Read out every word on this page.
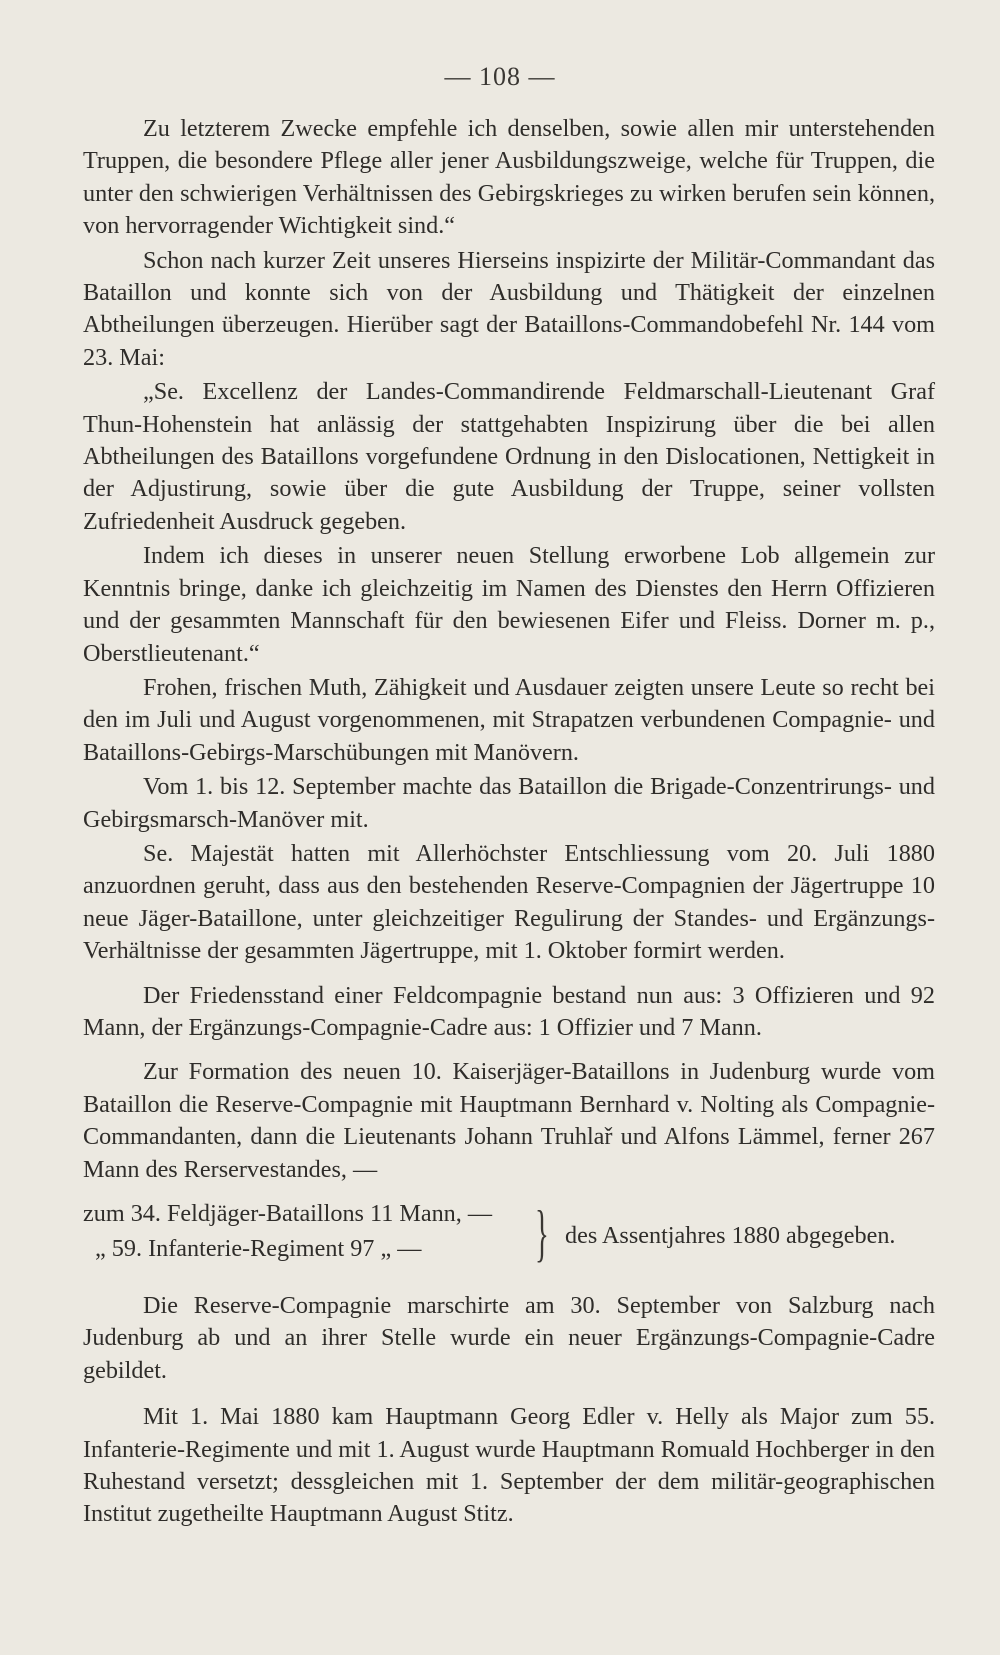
— 108 —

Zu letzterem Zwecke empfehle ich denselben, sowie allen mir unterstehenden Truppen, die besondere Pflege aller jener Ausbildungszweige, welche für Truppen, die unter den schwierigen Verhältnissen des Gebirgskrieges zu wirken berufen sein können, von hervorragender Wichtigkeit sind.“

Schon nach kurzer Zeit unseres Hierseins inspizirte der Militär-Commandant das Bataillon und konnte sich von der Ausbildung und Thätigkeit der einzelnen Abtheilungen überzeugen. Hierüber sagt der Bataillons-Commandobefehl Nr. 144 vom 23. Mai:

„Se. Excellenz der Landes-Commandirende Feldmarschall-Lieutenant Graf Thun-Hohenstein hat anlässig der stattgehabten Inspizirung über die bei allen Abtheilungen des Bataillons vorgefundene Ordnung in den Dislocationen, Nettigkeit in der Adjustirung, sowie über die gute Ausbildung der Truppe, seiner vollsten Zufriedenheit Ausdruck gegeben.

Indem ich dieses in unserer neuen Stellung erworbene Lob allgemein zur Kenntnis bringe, danke ich gleichzeitig im Namen des Dienstes den Herrn Offizieren und der gesammten Mannschaft für den bewiesenen Eifer und Fleiss. Dorner m. p., Oberstlieutenant.“

Frohen, frischen Muth, Zähigkeit und Ausdauer zeigten unsere Leute so recht bei den im Juli und August vorgenommenen, mit Strapatzen verbundenen Compagnie- und Bataillons-Gebirgs-Marschübungen mit Manövern.

Vom 1. bis 12. September machte das Bataillon die Brigade-Conzentrirungs- und Gebirgsmarsch-Manöver mit.

Se. Majestät hatten mit Allerhöchster Entschliessung vom 20. Juli 1880 anzuordnen geruht, dass aus den bestehenden Reserve-Compagnien der Jägertruppe 10 neue Jäger-Bataillone, unter gleichzeitiger Regulirung der Standes- und Ergänzungs-Verhältnisse der gesammten Jägertruppe, mit 1. Oktober formirt werden.

Der Friedensstand einer Feldcompagnie bestand nun aus: 3 Offizieren und 92 Mann, der Ergänzungs-Compagnie-Cadre aus: 1 Offizier und 7 Mann.

Zur Formation des neuen 10. Kaiserjäger-Bataillons in Judenburg wurde vom Bataillon die Reserve-Compagnie mit Hauptmann Bernhard v. Nolting als Compagnie-Commandanten, dann die Lieutenants Johann Truhlař und Alfons Lämmel, ferner 267 Mann des Rerservestandes, —

zum 34. Feldjäger-Bataillons 11 Mann, —
„ 59. Infanterie-Regiment 97 „ — } des Assentjahres 1880 abgegeben.

Die Reserve-Compagnie marschirte am 30. September von Salzburg nach Judenburg ab und an ihrer Stelle wurde ein neuer Ergänzungs-Compagnie-Cadre gebildet.

Mit 1. Mai 1880 kam Hauptmann Georg Edler v. Helly als Major zum 55. Infanterie-Regimente und mit 1. August wurde Hauptmann Romuald Hochberger in den Ruhestand versetzt; dessgleichen mit 1. September der dem militär-geographischen Institut zugetheilte Hauptmann August Stitz.
